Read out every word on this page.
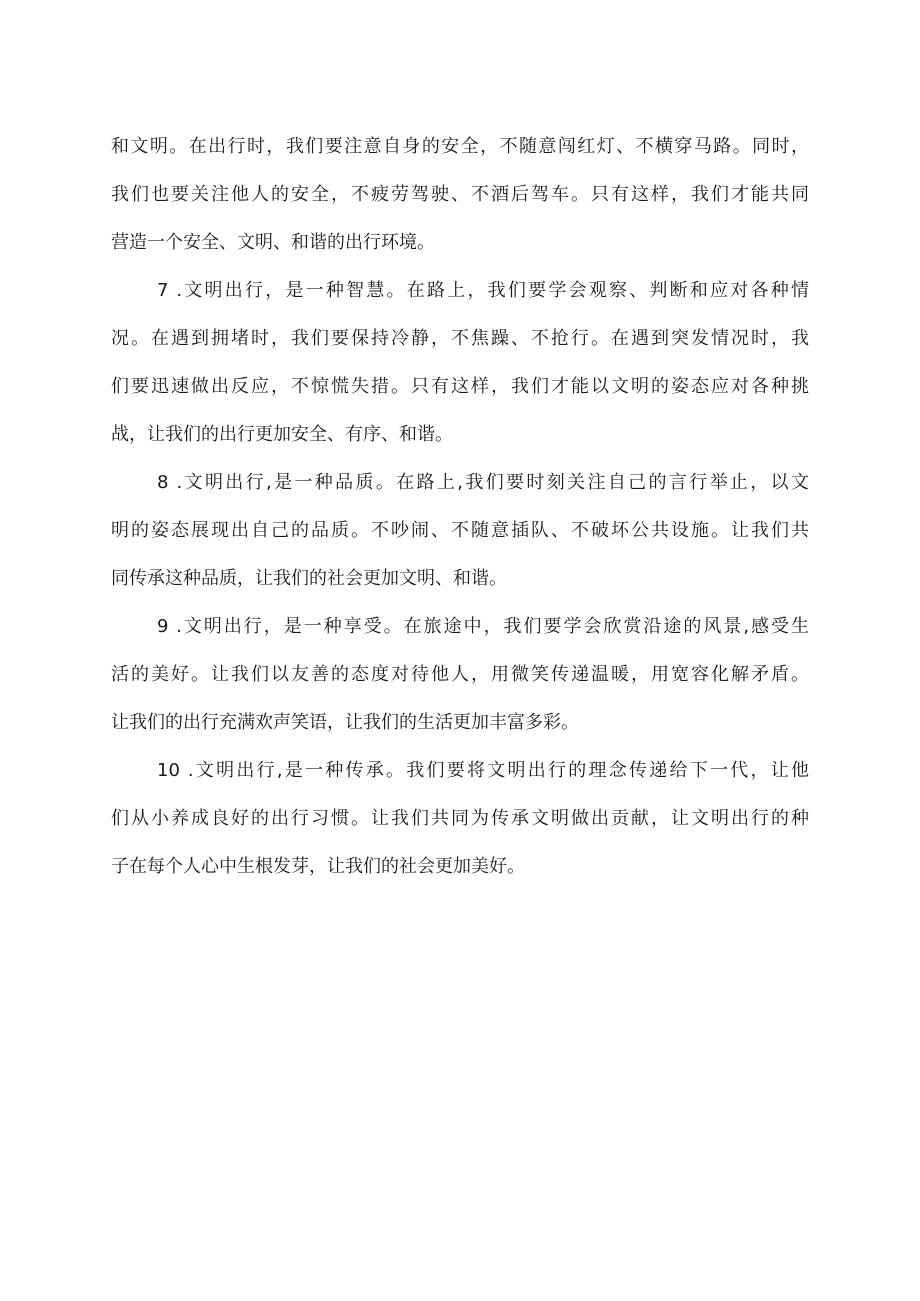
和文明。在出行时，我们要注意自身的安全，不随意闯红灯、不横穿马路。同时，
我们也要关注他人的安全，不疲劳驾驶、不酒后驾车。只有这样，我们才能共同
营造一个安全、文明、和谐的出行环境。
7 .文明出行，是一种智慧。在路上，我们要学会观察、判断和应对各种情
况。在遇到拥堵时，我们要保持冷静，不焦躁、不抢行。在遇到突发情况时，我
们要迅速做出反应，不惊慌失措。只有这样，我们才能以文明的姿态应对各种挑
战，让我们的出行更加安全、有序、和谐。
8 .文明出行,是一种品质。在路上,我们要时刻关注自己的言行举止，以文
明的姿态展现出自己的品质。不吵闹、不随意插队、不破坏公共设施。让我们共
同传承这种品质，让我们的社会更加文明、和谐。
9 .文明出行，是一种享受。在旅途中，我们要学会欣赏沿途的风景,感受生
活的美好。让我们以友善的态度对待他人，用微笑传递温暖，用宽容化解矛盾。
让我们的出行充满欢声笑语，让我们的生活更加丰富多彩。
10 .文明出行,是一种传承。我们要将文明出行的理念传递给下一代，让他
们从小养成良好的出行习惯。让我们共同为传承文明做出贡献，让文明出行的种
子在每个人心中生根发芽，让我们的社会更加美好。
